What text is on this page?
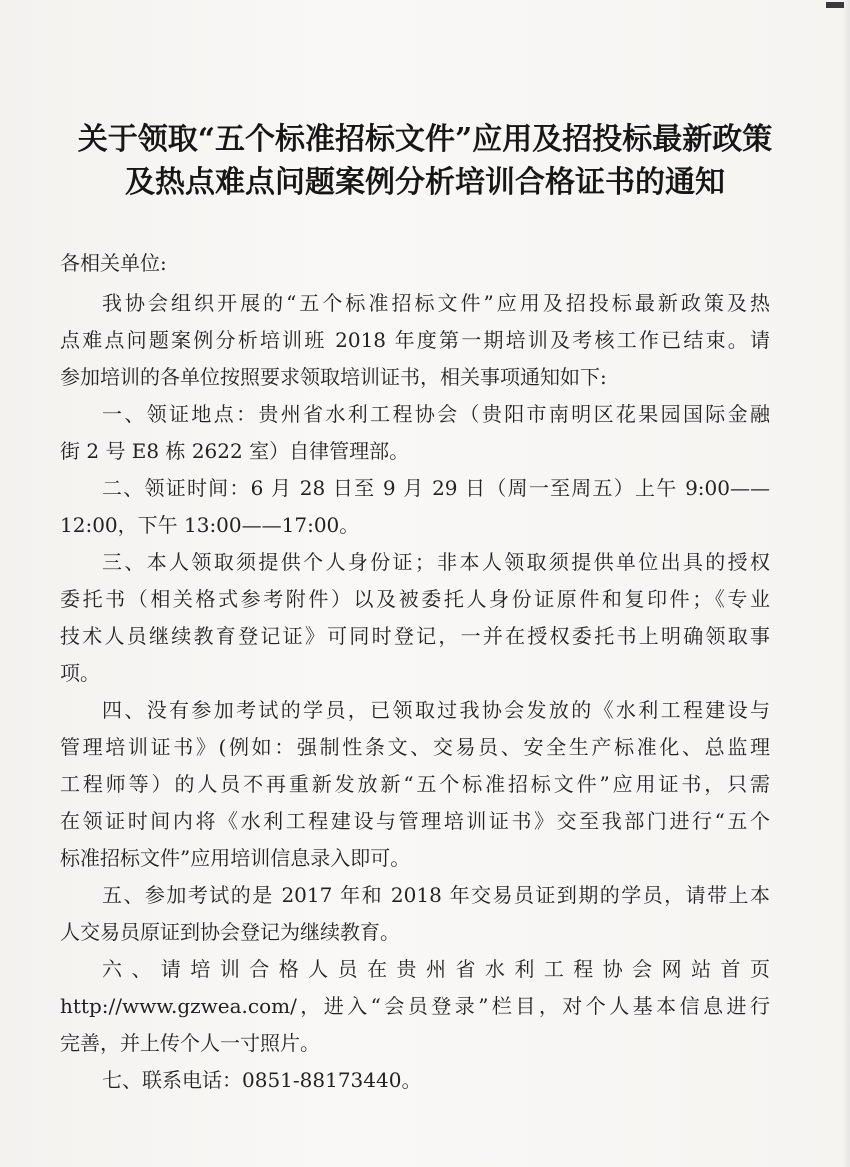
关于领取“五个标准招标文件”应用及招投标最新政策
及热点难点问题案例分析培训合格证书的通知
各相关单位:
我协会组织开展的“五个标准招标文件”应用及招投标最新政策及热
点难点问题案例分析培训班 2018 年度第一期培训及考核工作已结束。请
参加培训的各单位按照要求领取培训证书，相关事项通知如下:
一、领证地点：贵州省水利工程协会（贵阳市南明区花果园国际金融
街 2 号 E8 栋 2622 室）自律管理部。
二、领证时间：6 月 28 日至 9 月 29 日（周一至周五）上午 9:00——
12:00，下午 13:00——17:00。
三、本人领取须提供个人身份证；非本人领取须提供单位出具的授权
委托书（相关格式参考附件）以及被委托人身份证原件和复印件；《专业
技术人员继续教育登记证》可同时登记，一并在授权委托书上明确领取事
项。
四、没有参加考试的学员，已领取过我协会发放的《水利工程建设与
管理培训证书》(例如：强制性条文、交易员、安全生产标准化、总监理
工程师等）的人员不再重新发放新“五个标准招标文件”应用证书，只需
在领证时间内将《水利工程建设与管理培训证书》交至我部门进行“五个
标准招标文件”应用培训信息录入即可。
五、参加考试的是 2017 年和 2018 年交易员证到期的学员，请带上本
人交易员原证到协会登记为继续教育。
六、请培训合格人员在贵州省水利工程协会网站首页
http://www.gzwea.com/，进入“会员登录”栏目，对个人基本信息进行
完善，并上传个人一寸照片。
七、联系电话：0851-88173440。
